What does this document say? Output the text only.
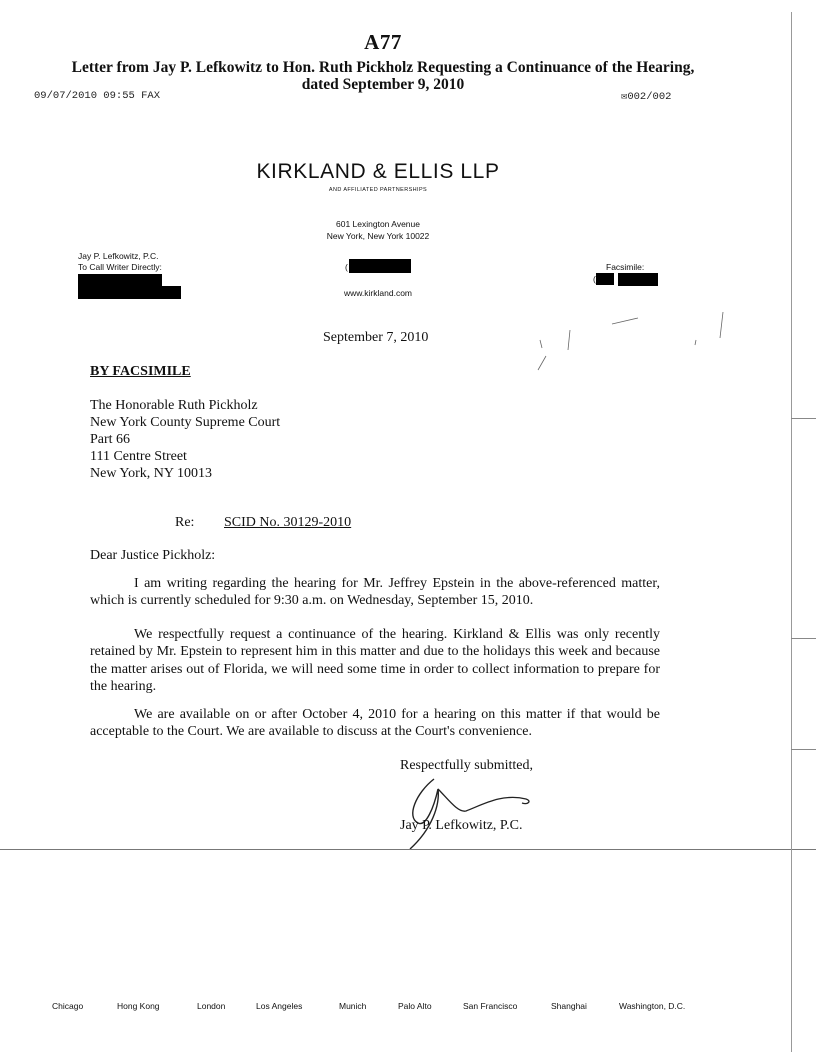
A77
Letter from Jay P. Lefkowitz to Hon. Ruth Pickholz Requesting a Continuance of the Hearing,
dated September 9, 2010
09/07/2010 09:55 FAX	✉002/002
KIRKLAND & ELLIS LLP
AND AFFILIATED PARTNERSHIPS
601 Lexington Avenue
New York, New York 10022
(
www.kirkland.com
Jay P. Lefkowitz, P.C.
To Call Writer Directly:	Facsimile:
(
September 7, 2010
BY FACSIMILE
The Honorable Ruth Pickholz
New York County Supreme Court
Part 66
111 Centre Street
New York, NY 10013
Re: SCID No. 30129-2010
Dear Justice Pickholz:
I am writing regarding the hearing for Mr. Jeffrey Epstein in the above-referenced matter, which is currently scheduled for 9:30 a.m. on Wednesday, September 15, 2010.
We respectfully request a continuance of the hearing. Kirkland & Ellis was only recently retained by Mr. Epstein to represent him in this matter and due to the holidays this week and because the matter arises out of Florida, we will need some time in order to collect information to prepare for the hearing.
We are available on or after October 4, 2010 for a hearing on this matter if that would be acceptable to the Court. We are available to discuss at the Court's convenience.
Respectfully submitted,
Jay P. Lefkowitz, P.C.
Chicago	Hong Kong	London	Los Angeles	Munich	Palo Alto	San Francisco	Shanghai	Washington, D.C.
